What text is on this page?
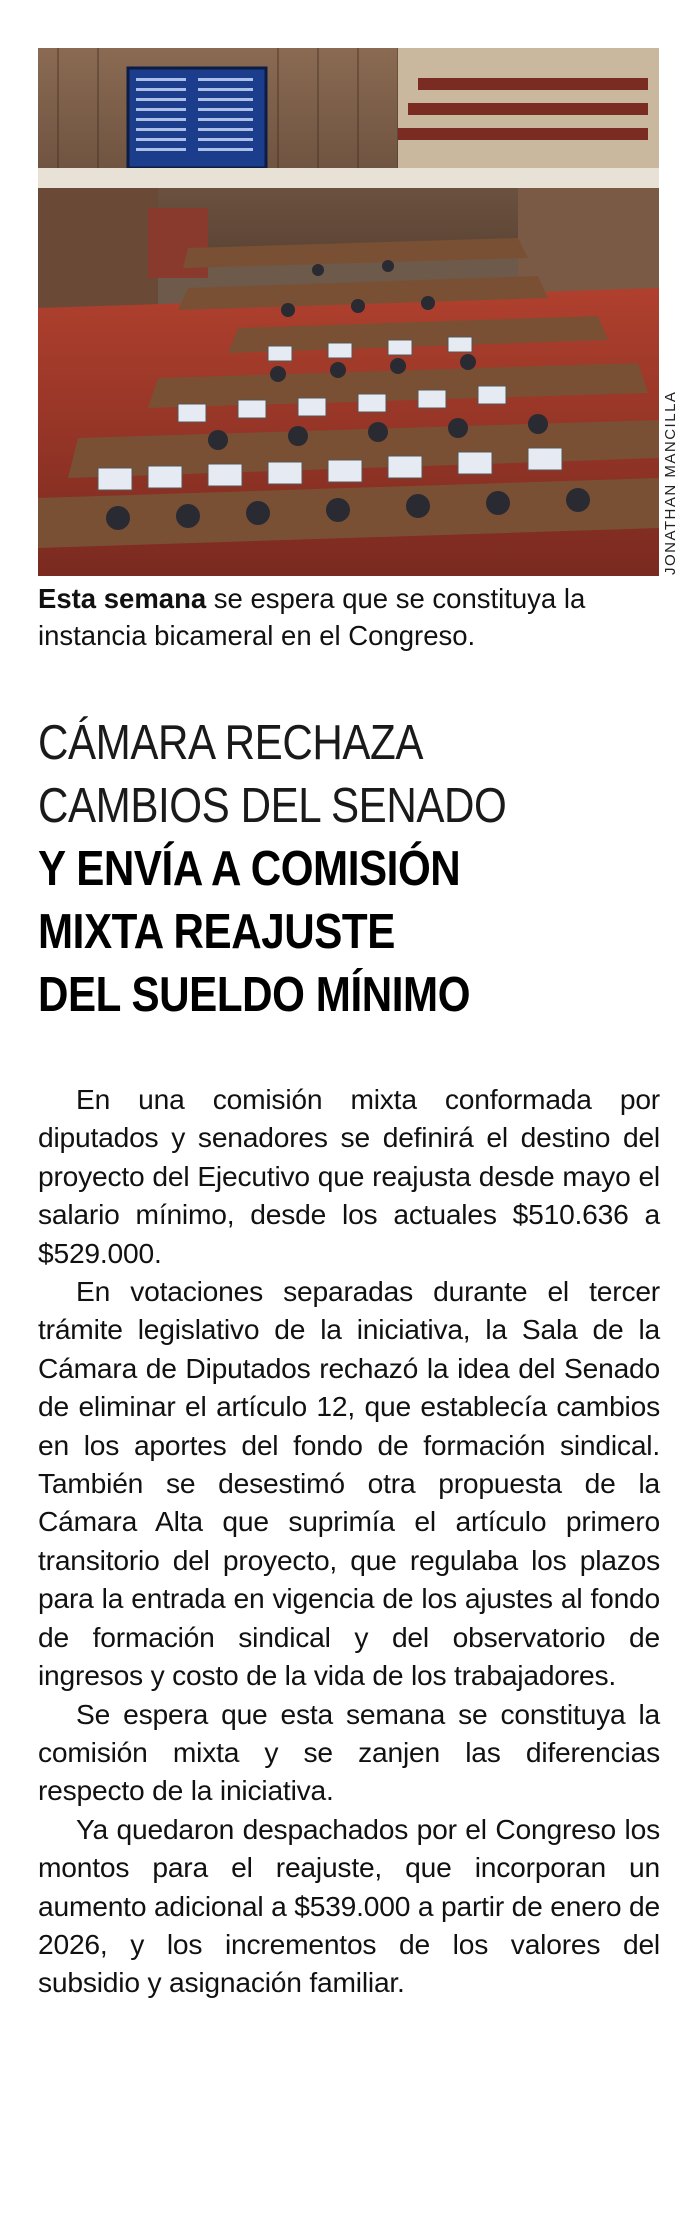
JONATHAN MANCILLA
Esta semana se espera que se constituya la instancia bicameral en el Congreso.
CÁMARA RECHAZA
CAMBIOS DEL SENADO
Y ENVÍA A COMISIÓN
MIXTA REAJUSTE
DEL SUELDO MÍNIMO

En una comisión mixta conformada por diputados y senadores se definirá el destino del proyecto del Ejecutivo que reajusta desde mayo el salario mínimo, desde los actuales $510.636 a $529.000.

En votaciones separadas durante el tercer trámite legislativo de la iniciativa, la Sala de la Cámara de Diputados rechazó la idea del Senado de eliminar el artículo 12, que establecía cambios en los aportes del fondo de formación sindical. También se desestimó otra propuesta de la Cámara Alta que suprimía el artículo primero transitorio del proyecto, que regulaba los plazos para la entrada en vigencia de los ajustes al fondo de formación sindical y del observatorio de ingresos y costo de la vida de los trabajadores.

Se espera que esta semana se constituya la comisión mixta y se zanjen las diferencias respecto de la iniciativa.

Ya quedaron despachados por el Congreso los montos para el reajuste, que incorporan un aumento adicional a $539.000 a partir de enero de 2026, y los incrementos de los valores del subsidio y asignación familiar.
